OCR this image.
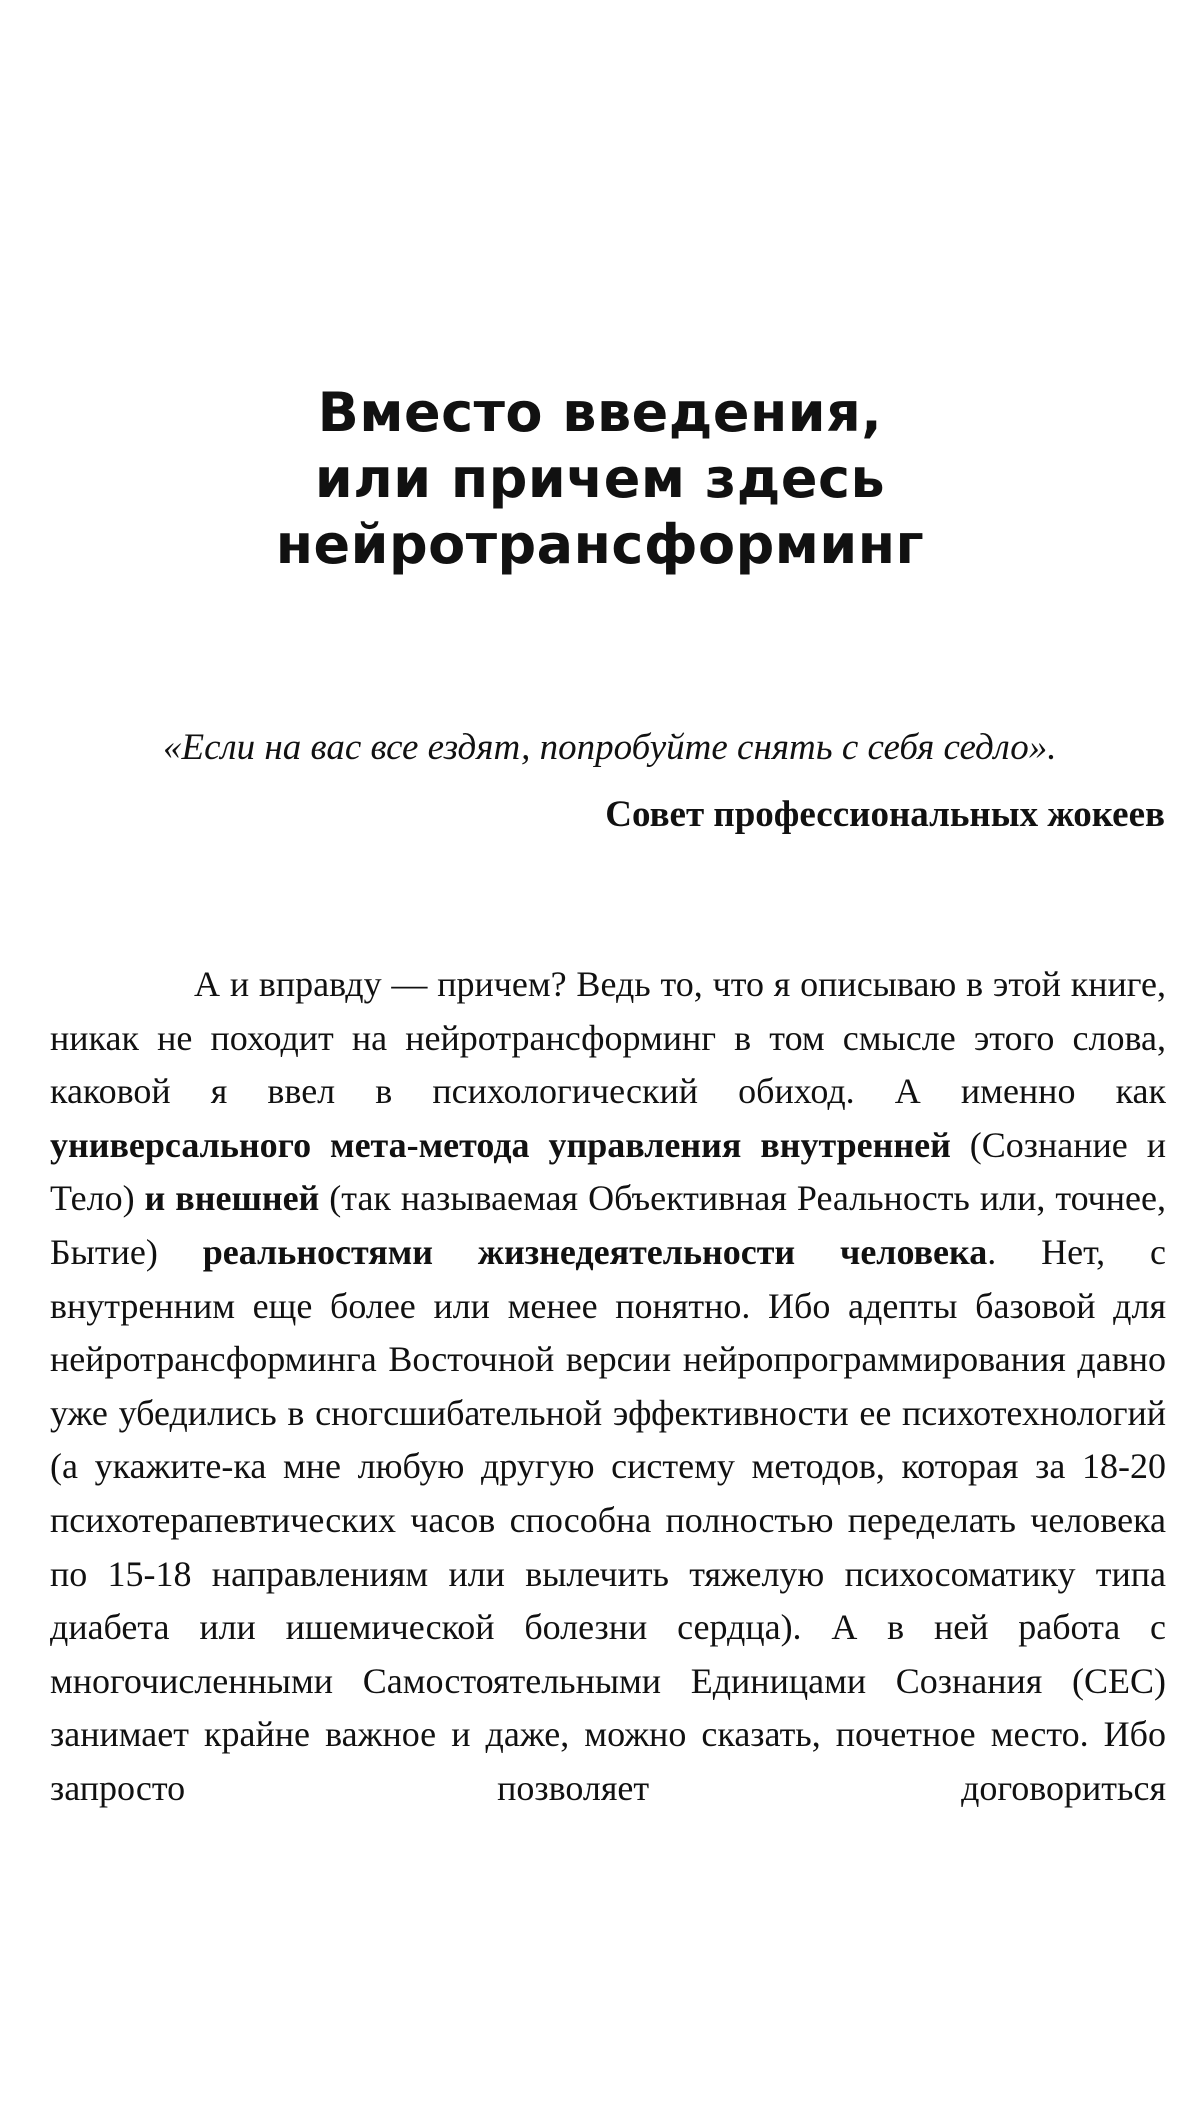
Вместо введения,
или причем здесь
нейротрансформинг

«Если на вас все ездят, попробуйте снять с себя седло».

Совет профессиональных жокеев

А и вправду — причем? Ведь то, что я описываю в этой книге, никак не походит на нейротрансформинг в том смысле этого слова, каковой я ввел в психологический обиход. А именно как универсального мета-метода управления внутренней (Сознание и Тело) и внешней (так называемая Объективная Реальность или, точнее, Бытие) реальностями жизнедеятельности человека. Нет, с внутренним еще более или менее понятно. Ибо адепты базовой для нейротрансформинга Восточной версии нейропрограммирования давно уже убедились в сногсшибательной эффективности ее психотехнологий (а укажите-ка мне любую другую систему методов, которая за 18-20 психотерапевтических часов способна полностью переделать человека по 15-18 направлениям или вылечить тяжелую психосоматику типа диабета или ишемической болезни сердца). А в ней работа с многочисленными Самостоятельными Единицами Сознания (СЕС) занимает крайне важное и даже, можно сказать, почетное место. Ибо запросто позволяет договориться
